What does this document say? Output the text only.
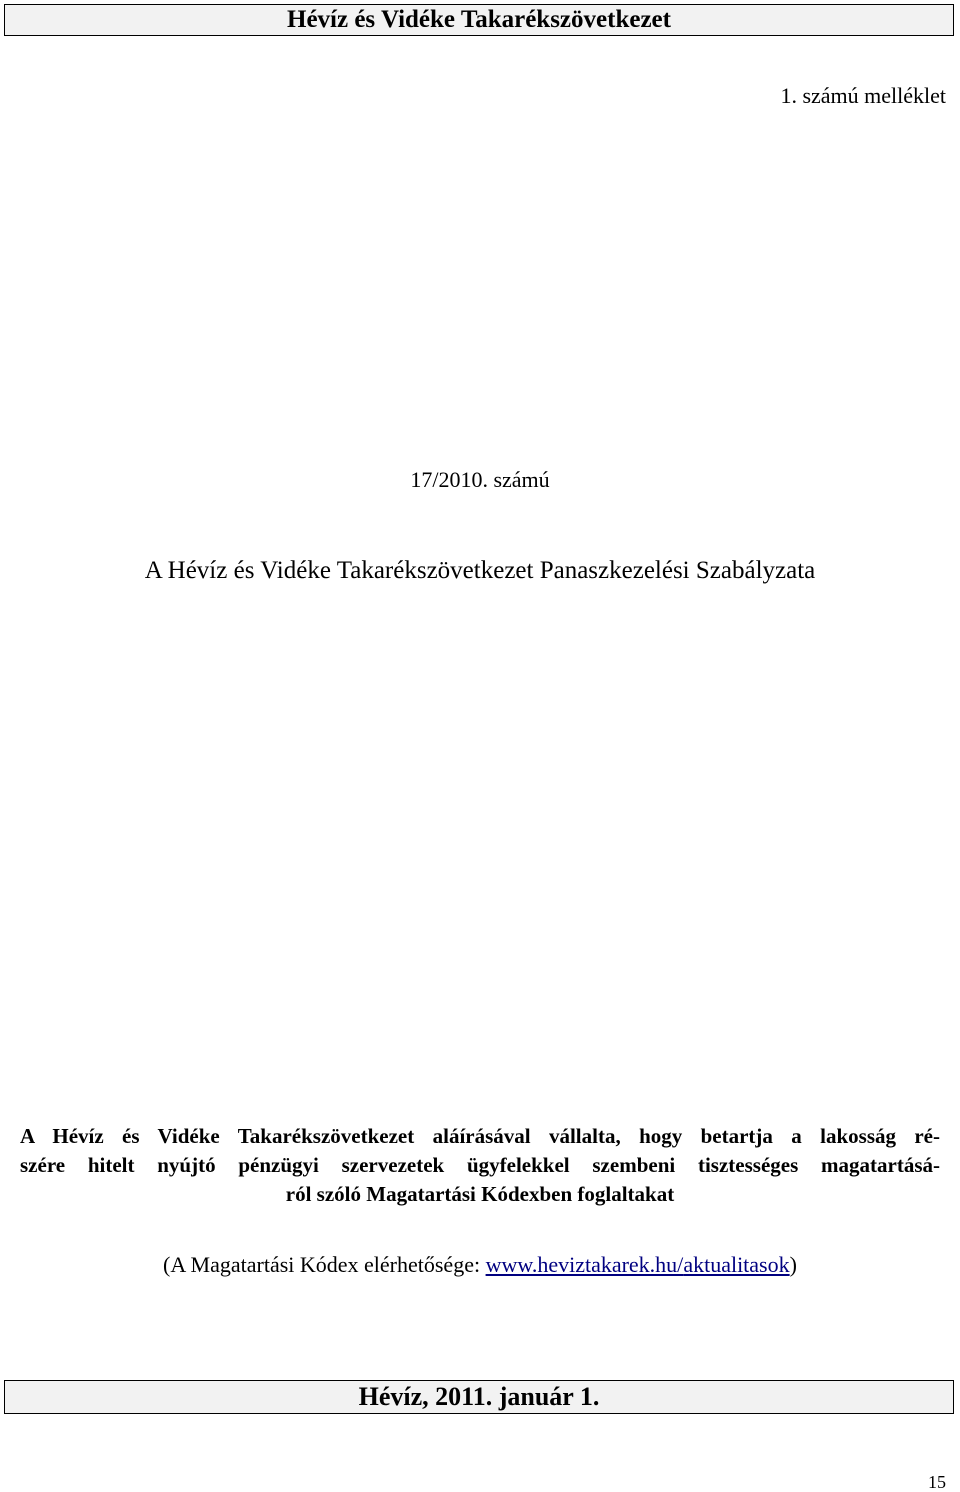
Hévíz és Vidéke Takarékszövetkezet
1. számú melléklet
17/2010. számú
A Hévíz és Vidéke Takarékszövetkezet Panaszkezelési Szabályzata
A Hévíz és Vidéke Takarékszövetkezet aláírásával vállalta, hogy betartja a lakosság ré-
szére hitelt nyújtó pénzügyi szervezetek ügyfelekkel szembeni tisztességes magatartásá-
ról szóló Magatartási Kódexben foglaltakat
(A Magatartási Kódex elérhetősége: www.heviztakarek.hu/aktualitasok)
Hévíz, 2011. január 1.
15
